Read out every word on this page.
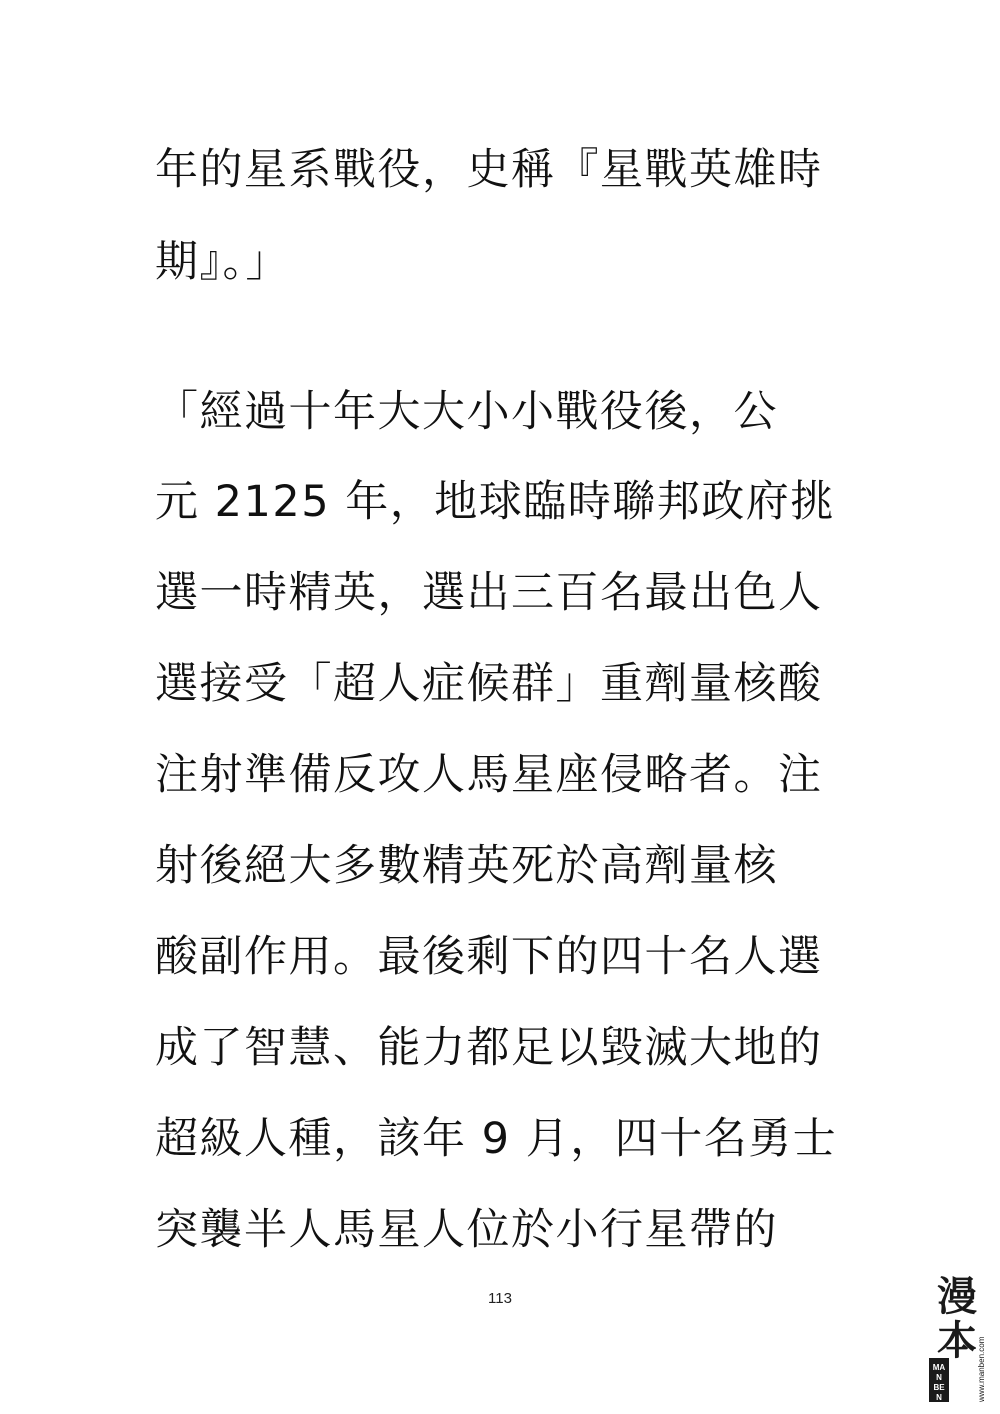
年的星系戰役，史稱『星戰英雄時
期』。」
「經過十年大大小小戰役後，公
元 2125 年，地球臨時聯邦政府挑
選一時精英，選出三百名最出色人
選接受「超人症候群」重劑量核酸
注射準備反攻人馬星座侵略者。注
射後絕大多數精英死於高劑量核
酸副作用。最後剩下的四十名人選
成了智慧、能力都足以毀滅大地的
超級人種，該年 9 月，四十名勇士
突襲半人馬星人位於小行星帶的
113
MA
N
BE
N
漫
本 www.manben.com
